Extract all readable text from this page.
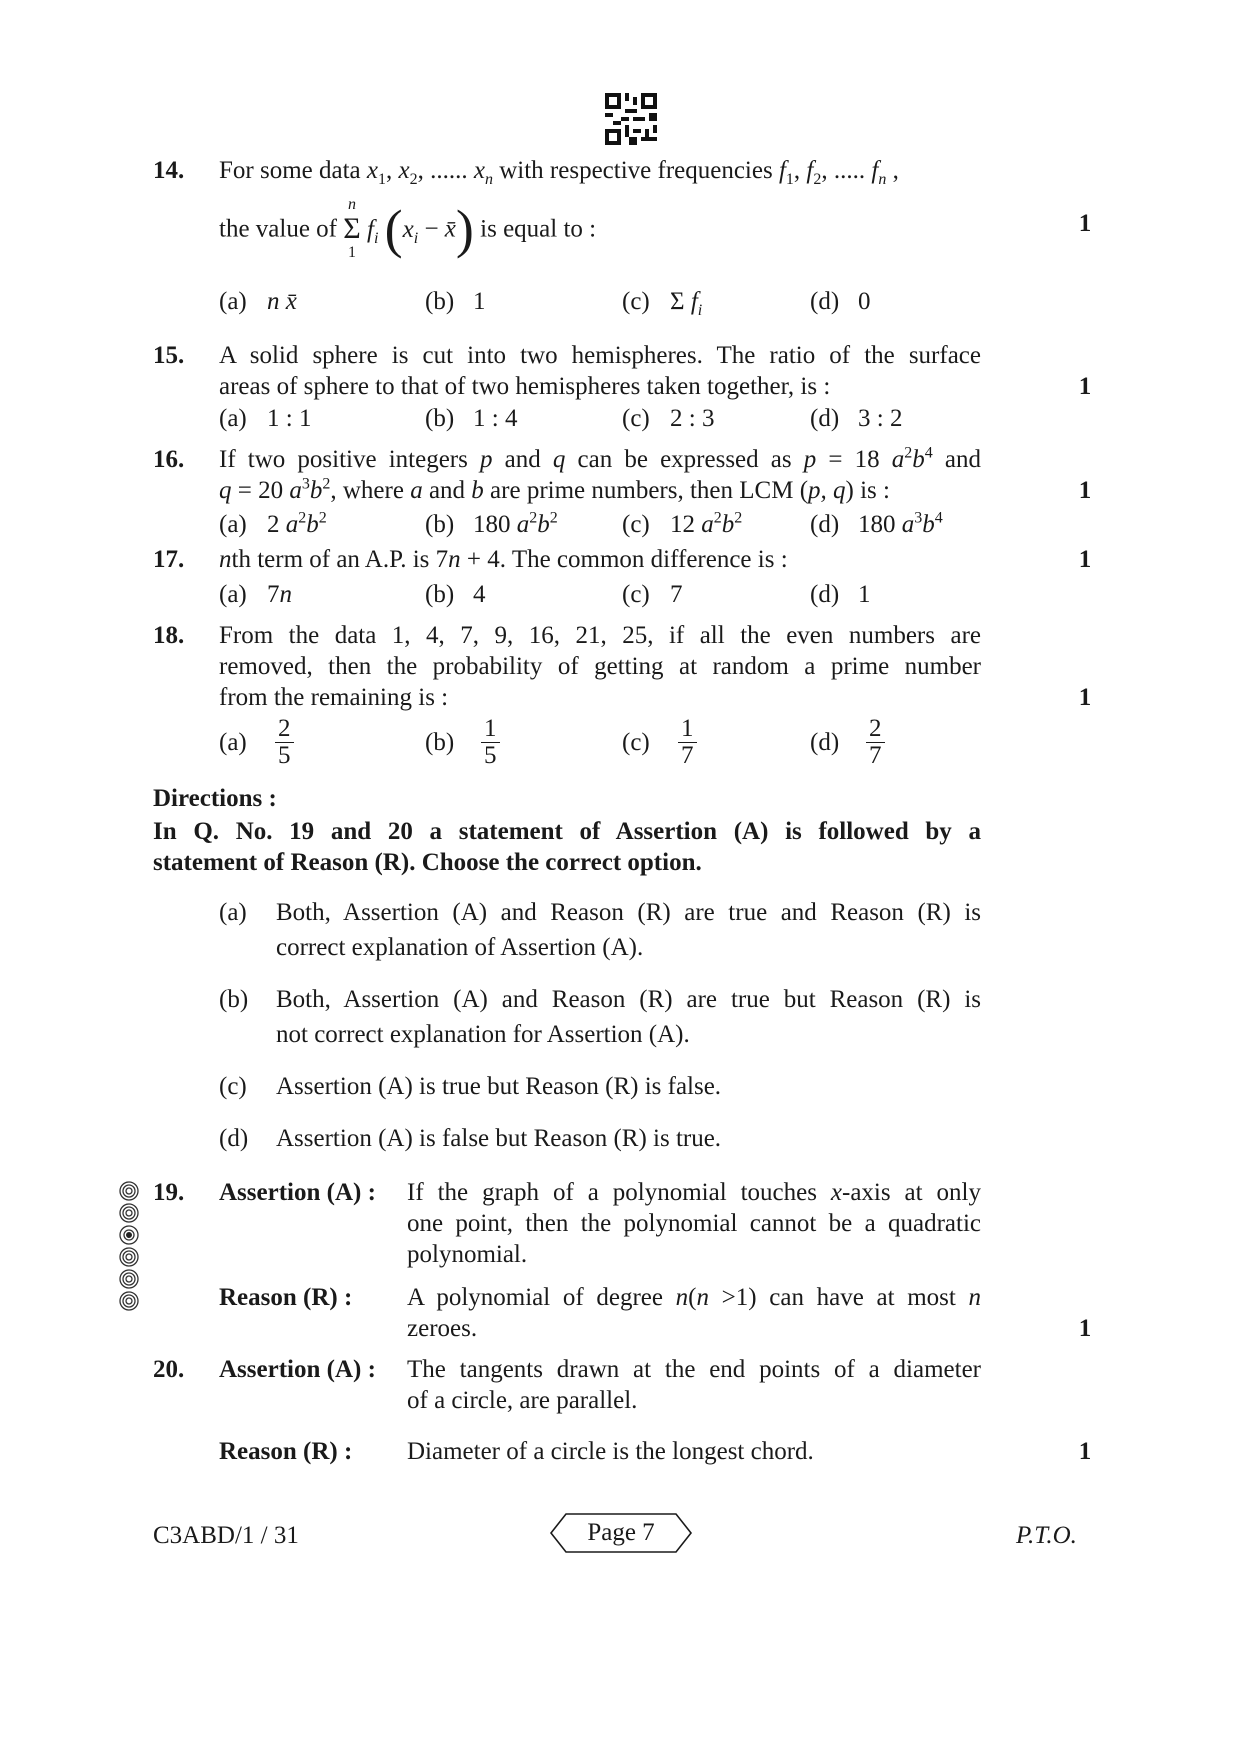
14. For some data $x_1$, $x_2$, ...... $x_n$ with respective frequencies $f_1$, $f_2$, ..... $f_n$ ,
the value of
n
Σ
1
$f_i$ ($x_i$ − x̄) is equal to :	1
(a) n x̄	(b) 1	(c) Σ $f_i$	(d) 0
15. A solid sphere is cut into two hemispheres. The ratio of the surface
areas of sphere to that of two hemispheres taken together, is :	1
(a) 1 : 1	(b) 1 : 4	(c) 2 : 3	(d) 3 : 2
16. If two positive integers p and q can be expressed as p = 18 $a^2b^4$ and
q = 20 $a^3b^2$, where a and b are prime numbers, then LCM (p, q) is :	1
(a) 2 $a^2b^2$	(b) 180 $a^2b^2$	(c) 12 $a^2b^2$	(d) 180 $a^3b^4$
17. nth term of an A.P. is 7n + 4. The common difference is :	1
(a) 7n	(b) 4	(c) 7	(d) 1
18. From the data 1, 4, 7, 9, 16, 21, 25, if all the even numbers are
removed, then the probability of getting at random a prime number
from the remaining is :	1
$(a) \frac{2}{5}$	$(b) \frac{1}{5}$	$(c) \frac{1}{7}$	$(d) \frac{2}{7}$
Directions :
In Q. No. 19 and 20 a statement of Assertion (A) is followed by a
statement of Reason (R). Choose the correct option.
(a) Both, Assertion (A) and Reason (R) are true and Reason (R) is
correct explanation of Assertion (A).
(b) Both, Assertion (A) and Reason (R) are true but Reason (R) is
not correct explanation for Assertion (A).
(c) Assertion (A) is true but Reason (R) is false.
(d) Assertion (A) is false but Reason (R) is true.
19. Assertion (A) : If the graph of a polynomial touches x-axis at only
one point, then the polynomial cannot be a quadratic
polynomial.
Reason (R) : A polynomial of degree n(n >1) can have at most n
zeroes.	1
20. Assertion (A) : The tangents drawn at the end points of a diameter
of a circle, are parallel.
Reason (R) : Diameter of a circle is the longest chord.	1
C3ABD/1 / 31	Page 7	P.T.O.
